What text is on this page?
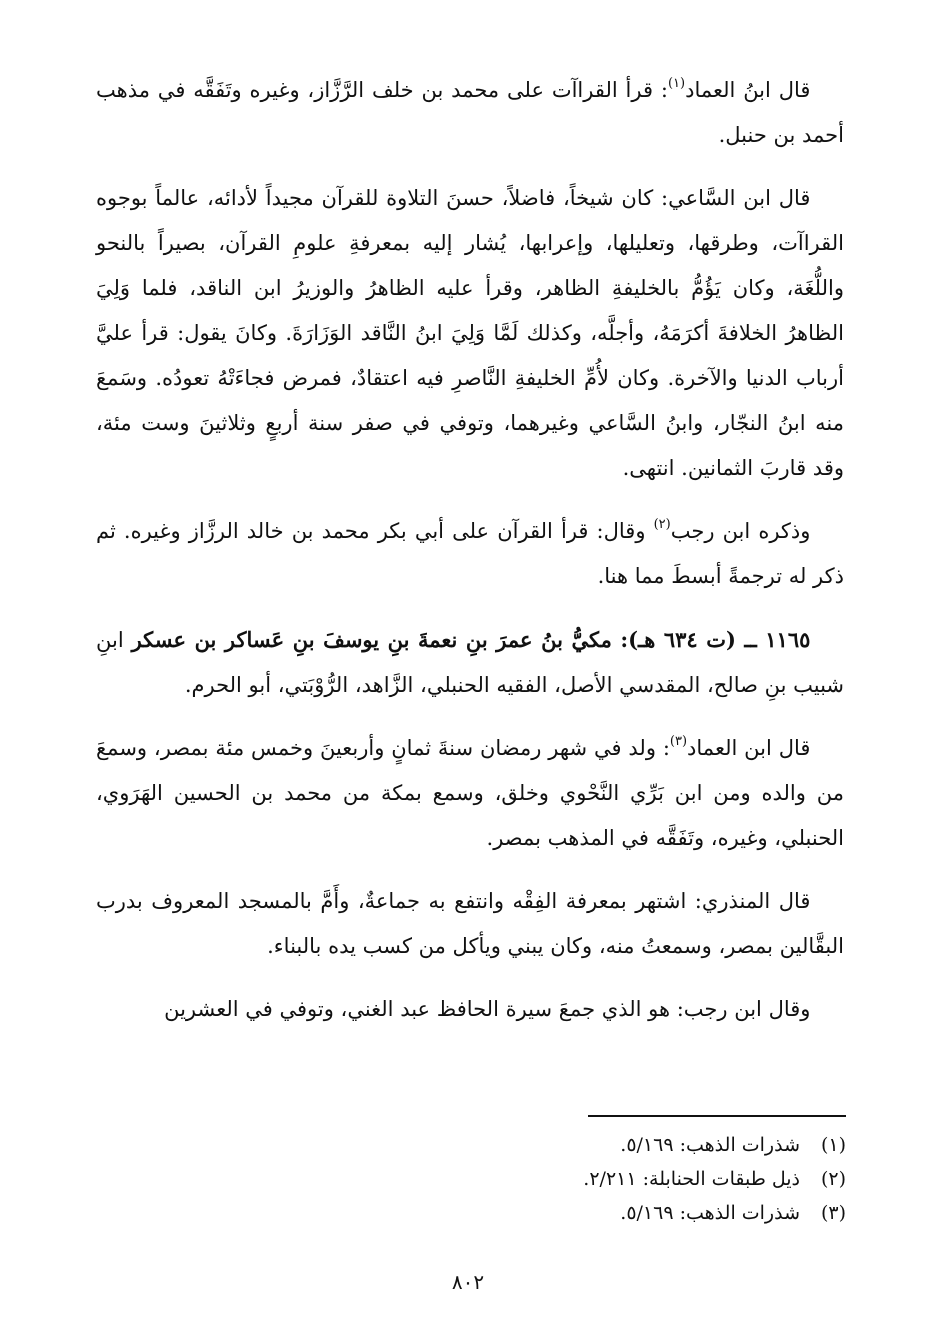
قال ابنُ العماد$^{(١)}$: قرأ القراآت على محمد بن خلف الرَّزَّاز، وغيره وتَفَقَّه في مذهب أحمد بن حنبل.

قال ابن السَّاعي: كان شيخاً، فاضلاً، حسنَ التلاوة للقرآن مجيداً لأدائه، عالماً بوجوه القراآت، وطرقها، وتعليلها، وإعرابها، يُشار إليه بمعرفةِ علومِ القرآن، بصيراً بالنحو واللُّغَة، وكان يَؤُمُّ بالخليفةِ الظاهر، وقرأ عليه الظاهرُ والوزيرُ ابن الناقد، فلما وَلِيَ الظاهرُ الخلافةَ أكرَمَهُ، وأجلَّه، وكذلك لَمَّا وَلِيَ ابنُ النَّاقد الوَزَارَةَ. وكانَ يقول: قرأ عليَّ أرباب الدنيا والآخرة. وكان لأُمِّ الخليفةِ النَّاصرِ فيه اعتقادٌ، فمرض فجاءَتْهُ تعودُه. وسَمعَ منه ابنُ النجّار، وابنُ السَّاعي وغيرهما، وتوفي في صفر سنة أربعٍ وثلاثينَ وست مئة، وقد قاربَ الثمانين. انتهى.

وذكره ابن رجب$^{(٢)}$ وقال: قرأ القرآن على أبي بكر محمد بن خالد الرزَّاز وغيره. ثم ذكر له ترجمةً أبسطَ مما هنا.

١١٦٥ ــ (ت ٦٣٤ هـ): مكيُّ بنُ عمرَ بنِ نعمةَ بنِ يوسفَ بنِ عَساكر بن عسكر ابنِ شبيب بنِ صالح، المقدسي الأصل، الفقيه الحنبلي، الزَّاهد، الرُّوْبَتي، أبو الحرم.

قال ابن العماد$^{(٣)}$: ولد في شهر رمضان سنةَ ثمانٍ وأربعينَ وخمس مئة بمصر، وسمعَ من والده ومن ابن بَرِّي النَّحْوي وخلق، وسمع بمكة من محمد بن الحسين الهَرَوي، الحنبلي، وغيره، وتَفَقَّه في المذهب بمصر.

قال المنذري: اشتهر بمعرفة الفِقْه وانتفع به جماعةٌ، وأَمَّ بالمسجد المعروف بدرب البقَّالين بمصر، وسمعتُ منه، وكان يبني ويأكل من كسب يده بالبناء.

وقال ابن رجب: هو الذي جمعَ سيرة الحافظ عبد الغني، وتوفي في العشرين

(١)
شذرات الذهب: ٥/١٦٩.
(٢)
ذيل طبقات الحنابلة: ٢/٢١١.
(٣)
شذرات الذهب: ٥/١٦٩.
٨٠٢
